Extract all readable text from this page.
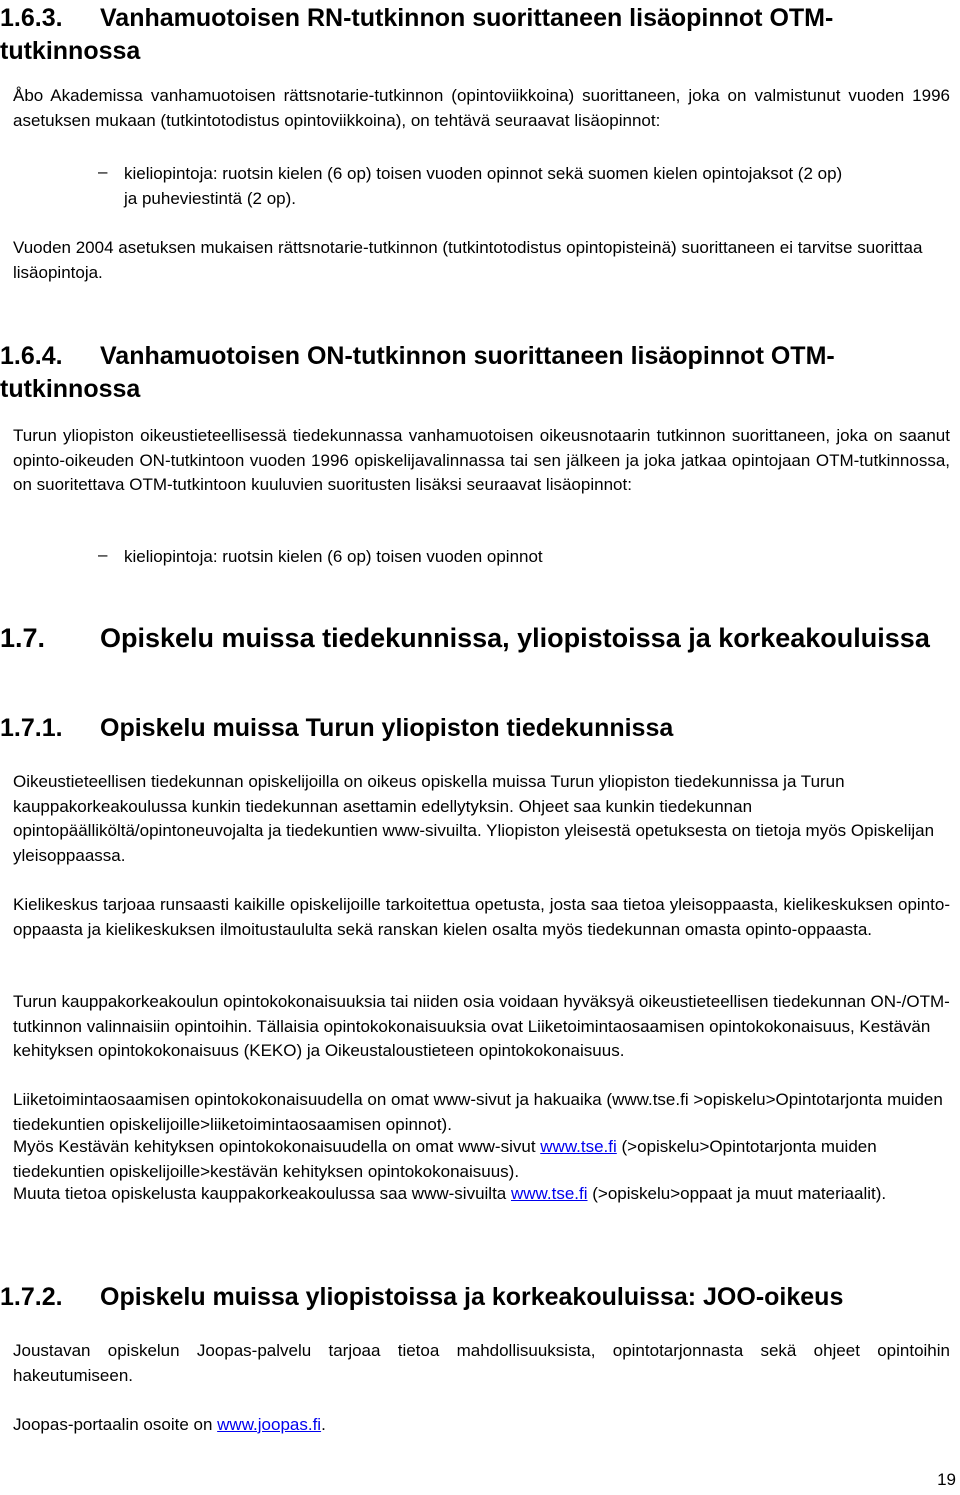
1.6.3. Vanhamuotoisen RN-tutkinnon suorittaneen lisäopinnot OTM-tutkinnossa
Åbo Akademissa vanhamuotoisen rättsnotarie-tutkinnon (opintoviikkoina) suorittaneen, joka on valmistunut vuoden 1996 asetuksen mukaan (tutkintotodistus opintoviikkoina), on tehtävä seuraavat lisäopinnot:
– kieliopintoja: ruotsin kielen (6 op) toisen vuoden opinnot sekä suomen kielen opintojaksot (2 op) ja puheviestintä (2 op).
Vuoden 2004 asetuksen mukaisen rättsnotarie-tutkinnon (tutkintotodistus opintopisteinä) suorittaneen ei tarvitse suorittaa lisäopintoja.
1.6.4. Vanhamuotoisen ON-tutkinnon suorittaneen lisäopinnot OTM-tutkinnossa
Turun yliopiston oikeustieteellisessä tiedekunnassa vanhamuotoisen oikeusnotaarin tutkinnon suorittaneen, joka on saanut opinto-oikeuden ON-tutkintoon vuoden 1996 opiskelijavalinnassa tai sen jälkeen ja joka jatkaa opintojaan OTM-tutkinnossa, on suoritettava OTM-tutkintoon kuuluvien suoritusten lisäksi seuraavat lisäopinnot:
– kieliopintoja: ruotsin kielen (6 op) toisen vuoden opinnot
1.7. Opiskelu muissa tiedekunnissa, yliopistoissa ja korkeakouluissa
1.7.1. Opiskelu muissa Turun yliopiston tiedekunnissa
Oikeustieteellisen tiedekunnan opiskelijoilla on oikeus opiskella muissa Turun yliopiston tiedekunnissa ja Turun kauppakorkeakoulussa kunkin tiedekunnan asettamin edellytyksin. Ohjeet saa kunkin tiedekunnan opintopäälliköltä/opintoneuvojalta ja tiedekuntien www-sivuilta. Yliopiston yleisestä opetuksesta on tietoja myös Opiskelijan yleisoppaassa.
Kielikeskus tarjoaa runsaasti kaikille opiskelijoille tarkoitettua opetusta, josta saa tietoa yleisoppaasta, kielikeskuksen opinto-oppaasta ja kielikeskuksen ilmoitustaululta sekä ranskan kielen osalta myös tiedekunnan omasta opinto-oppaasta.
Turun kauppakorkeakoulun opintokokonaisuuksia tai niiden osia voidaan hyväksyä oikeustieteellisen tiedekunnan ON-/OTM-tutkinnon valinnaisiin opintoihin. Tällaisia opintokokonaisuuksia ovat Liiketoimintaosaamisen opintokokonaisuus, Kestävän kehityksen opintokokonaisuus (KEKO) ja Oikeustaloustieteen opintokokonaisuus.
Liiketoimintaosaamisen opintokokonaisuudella on omat www-sivut ja hakuaika (www.tse.fi >opiskelu>Opintotarjonta muiden tiedekuntien opiskelijoille>liiketoimintaosaamisen opinnot).
Myös Kestävän kehityksen opintokokonaisuudella on omat www-sivut www.tse.fi (>opiskelu>Opintotarjonta muiden tiedekuntien opiskelijoille>kestävän kehityksen opintokokonaisuus).
Muuta tietoa opiskelusta kauppakorkeakoulussa saa www-sivuilta www.tse.fi (>opiskelu>oppaat ja muut materiaalit).
1.7.2. Opiskelu muissa yliopistoissa ja korkeakouluissa: JOO-oikeus
Joustavan opiskelun Joopas-palvelu tarjoaa tietoa mahdollisuuksista, opintotarjonnasta sekä ohjeet opintoihin hakeutumiseen.
Joopas-portaalin osoite on www.joopas.fi.
19
